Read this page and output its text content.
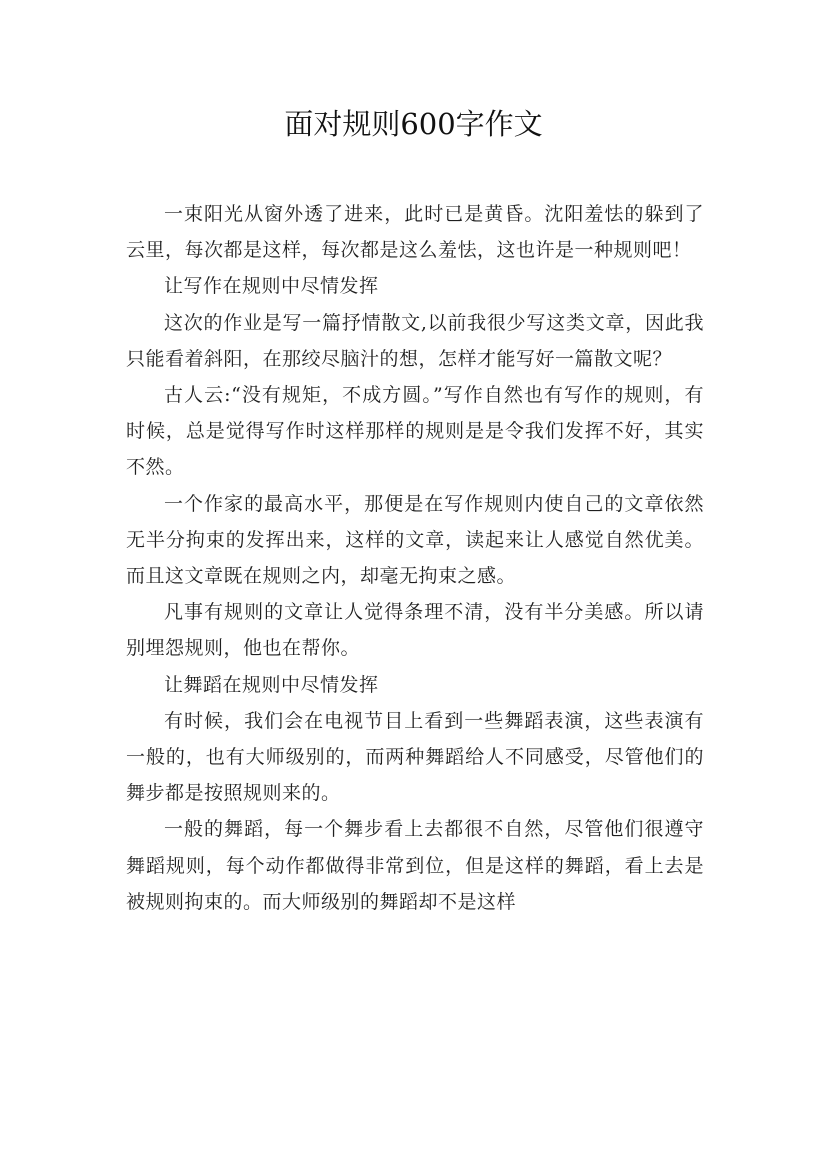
面对规则600字作文

一束阳光从窗外透了进来，此时已是黄昏。沈阳羞怯的躲到了云里，每次都是这样，每次都是这么羞怯，这也许是一种规则吧！

让写作在规则中尽情发挥

这次的作业是写一篇抒情散文,以前我很少写这类文章，因此我只能看着斜阳，在那绞尽脑汁的想，怎样才能写好一篇散文呢？

古人云:“没有规矩，不成方圆。”写作自然也有写作的规则，有时候，总是觉得写作时这样那样的规则是是令我们发挥不好，其实不然。

一个作家的最高水平，那便是在写作规则内使自己的文章依然无半分拘束的发挥出来，这样的文章，读起来让人感觉自然优美。而且这文章既在规则之内，却毫无拘束之感。

凡事有规则的文章让人觉得条理不清，没有半分美感。所以请别埋怨规则，他也在帮你。

让舞蹈在规则中尽情发挥

有时候，我们会在电视节目上看到一些舞蹈表演，这些表演有一般的，也有大师级别的，而两种舞蹈给人不同感受，尽管他们的舞步都是按照规则来的。

一般的舞蹈，每一个舞步看上去都很不自然，尽管他们很遵守舞蹈规则，每个动作都做得非常到位，但是这样的舞蹈，看上去是被规则拘束的。而大师级别的舞蹈却不是这样
